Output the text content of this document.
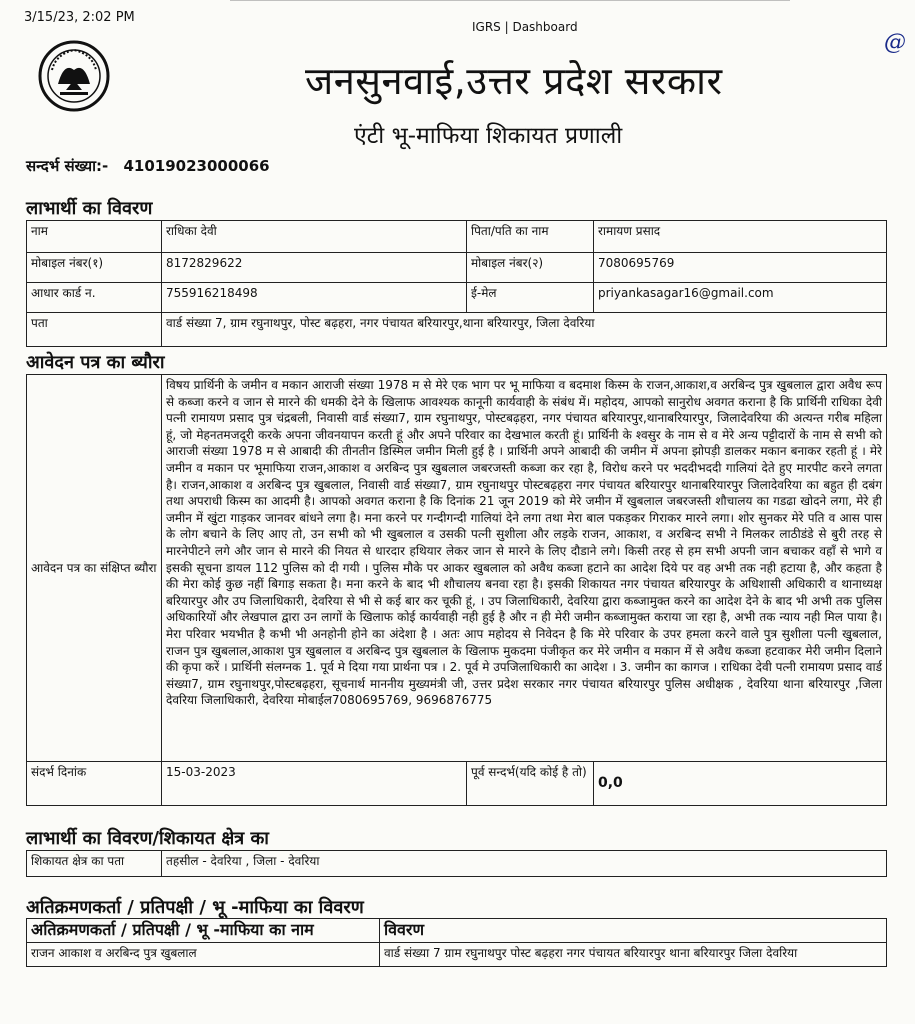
3/15/23, 2:02 PM
IGRS | Dashboard
@
जनसुनवाई,उत्तर प्रदेश सरकार
एंटी भू-माफिया शिकायत प्रणाली
सन्दर्भ संख्या:- 41019023000066
लाभार्थी का विवरण
नाम	राधिका देवी	पिता/पति का नाम	रामायण प्रसाद
मोबाइल नंबर(१)	8172829622	मोबाइल नंबर(२)	7080695769
आधार कार्ड न.	755916218498	ई-मेल	priyankasagar16@gmail.com
पता	वार्ड संख्या 7, ग्राम रघुनाथपुर, पोस्ट बढ़हरा, नगर पंचायत बरियारपुर,थाना बरियारपुर, जिला देवरिया		
आवेदन पत्र का ब्यौरा
आवेदन पत्र का संक्षिप्त ब्यौरा	विषय प्रार्थिनी के जमीन व मकान आराजी संख्या 1978 म से मेरे एक भाग पर भू माफिया व बदमाश किस्म के राजन,आकाश,व अरबिन्द पुत्र खुबलाल द्वारा अवैध रूप से कब्जा करने व जान से मारने की धमकी देने के खिलाफ आवश्यक कानूनी कार्यवाही के संबंध में। महोदय, आपको सानुरोध अवगत कराना है कि प्रार्थिनी राधिका देवी पत्नी रामायण प्रसाद पुत्र चंद्रबली, निवासी वार्ड संख्या7, ग्राम रघुनाथपुर, पोस्टबढ़हरा, नगर पंचायत बरियारपुर,थानाबरियारपुर, जिलादेवरिया की अत्यन्त गरीब महिला हूं, जो मेहनतमजदूरी करके अपना जीवनयापन करती हूं और अपने परिवार का देखभाल करती हूं। प्रार्थिनी के श्वसुर के नाम से व मेरे अन्य पट्टीदारों के नाम से सभी को आराजी संख्या 1978 म से आबादी की तीनतीन डिस्मिल जमीन मिली हुई है । प्रार्थिनी अपने आबादी की जमीन में अपना झोपड़ी डालकर मकान बनाकर रहती हूं । मेरे जमीन व मकान पर भूमाफिया राजन,आकाश व अरबिन्द पुत्र खुबलाल जबरजस्ती कब्जा कर रहा है, विरोध करने पर भददीभददी गालियां देते हुए मारपीट करने लगता है। राजन,आकाश व अरबिन्द पुत्र खुबलाल, निवासी वार्ड संख्या7, ग्राम रघुनाथपुर पोस्टबढ़हरा नगर पंचायत बरियारपुर थानाबरियारपुर जिलादेवरिया का बहुत ही दबंग तथा अपराधी किस्म का आदमी है। आपको अवगत कराना है कि दिनांक 21 जून 2019 को मेरे जमीन में खुबलाल जबरजस्ती शौचालय का गडढा खोदने लगा, मेरे ही जमीन में खुंटा गाड़कर जानवर बांधने लगा है। मना करने पर गन्दीगन्दी गालियां देने लगा तथा मेरा बाल पकड़कर गिराकर मारने लगा। शोर सुनकर मेरे पति व आस पास के लोग बचाने के लिए आए तो, उन सभी को भी खुबलाल व उसकी पत्नी सुशीला और लड़के राजन, आकाश, व अरबिन्द सभी ने मिलकर लाठीडंडे से बुरी तरह से मारनेपीटने लगे और जान से मारने की नियत से धारदार हथियार लेकर जान से मारने के लिए दौडाने लगे। किसी तरह से हम सभी अपनी जान बचाकर वहाँ से भागे व इसकी सूचना डायल 112 पुलिस को दी गयी । पुलिस मौके पर आकर खुबलाल को अवैध कब्जा हटाने का आदेश दिये पर वह अभी तक नही हटाया है, और कहता है की मेरा कोई कुछ नहीं बिगाड़ सकता है। मना करने के बाद भी शौचालय बनवा रहा है। इसकी शिकायत नगर पंचायत बरियारपुर के अधिशासी अधिकारी व थानाध्यक्ष बरियारपुर और उप जिलाधिकारी, देवरिया से भी से कई बार कर चूकी हूं, । उप जिलाधिकारी, देवरिया द्वारा कब्जामुक्त करने का आदेश देने के बाद भी अभी तक पुलिस अधिकारियों और लेखपाल द्वारा उन लागों के खिलाफ कोई कार्यवाही नही हुई है और न ही मेरी जमीन कब्जामुक्त कराया जा रहा है, अभी तक न्याय नही मिल पाया है। मेरा परिवार भयभीत है कभी भी अनहोनी होने का अंदेशा है । अतः आप महोदय से निवेदन है कि मेरे परिवार के उपर हमला करने वाले पुत्र सुशीला पत्नी खुबलाल, राजन पुत्र खुबलाल,आकाश पुत्र खुबलाल व अरबिन्द पुत्र खुबलाल के खिलाफ मुकदमा पंजीकृत कर मेरे जमीन व मकान में से अवैध कब्जा हटवाकर मेरी जमीन दिलाने की कृपा करें । प्रार्थिनी संलग्नक 1. पूर्व मे दिया गया प्रार्थना पत्र । 2. पूर्व मे उपजिलाधिकारी का आदेश । 3. जमीन का कागज । राधिका देवी पत्नी रामायण प्रसाद वार्ड संख्या7, ग्राम रघुनाथपुर,पोस्टबढ़हरा, सूचनार्थ माननीय मुख्यमंत्री जी, उत्तर प्रदेश सरकार नगर पंचायत बरियारपुर पुलिस अधीक्षक , देवरिया थाना बरियारपुर ,जिला देवरिया जिलाधिकारी, देवरिया मोबाईल7080695769, 9696876775		
संदर्भ दिनांक	15-03-2023	पूर्व सन्दर्भ(यदि कोई है तो)	0,0
लाभार्थी का विवरण/शिकायत क्षेत्र का
शिकायत क्षेत्र का पता	तहसील - देवरिया , जिला - देवरिया
अतिक्रमणकर्ता / प्रतिपक्षी / भू -माफिया का विवरण
अतिक्रमणकर्ता / प्रतिपक्षी / भू -माफिया का नाम	विवरण
राजन आकाश व अरबिन्द पुत्र खुबलाल	वार्ड संख्या 7 ग्राम रघुनाथपुर पोस्ट बढ़हरा नगर पंचायत बरियारपुर थाना बरियारपुर जिला देवरिया
